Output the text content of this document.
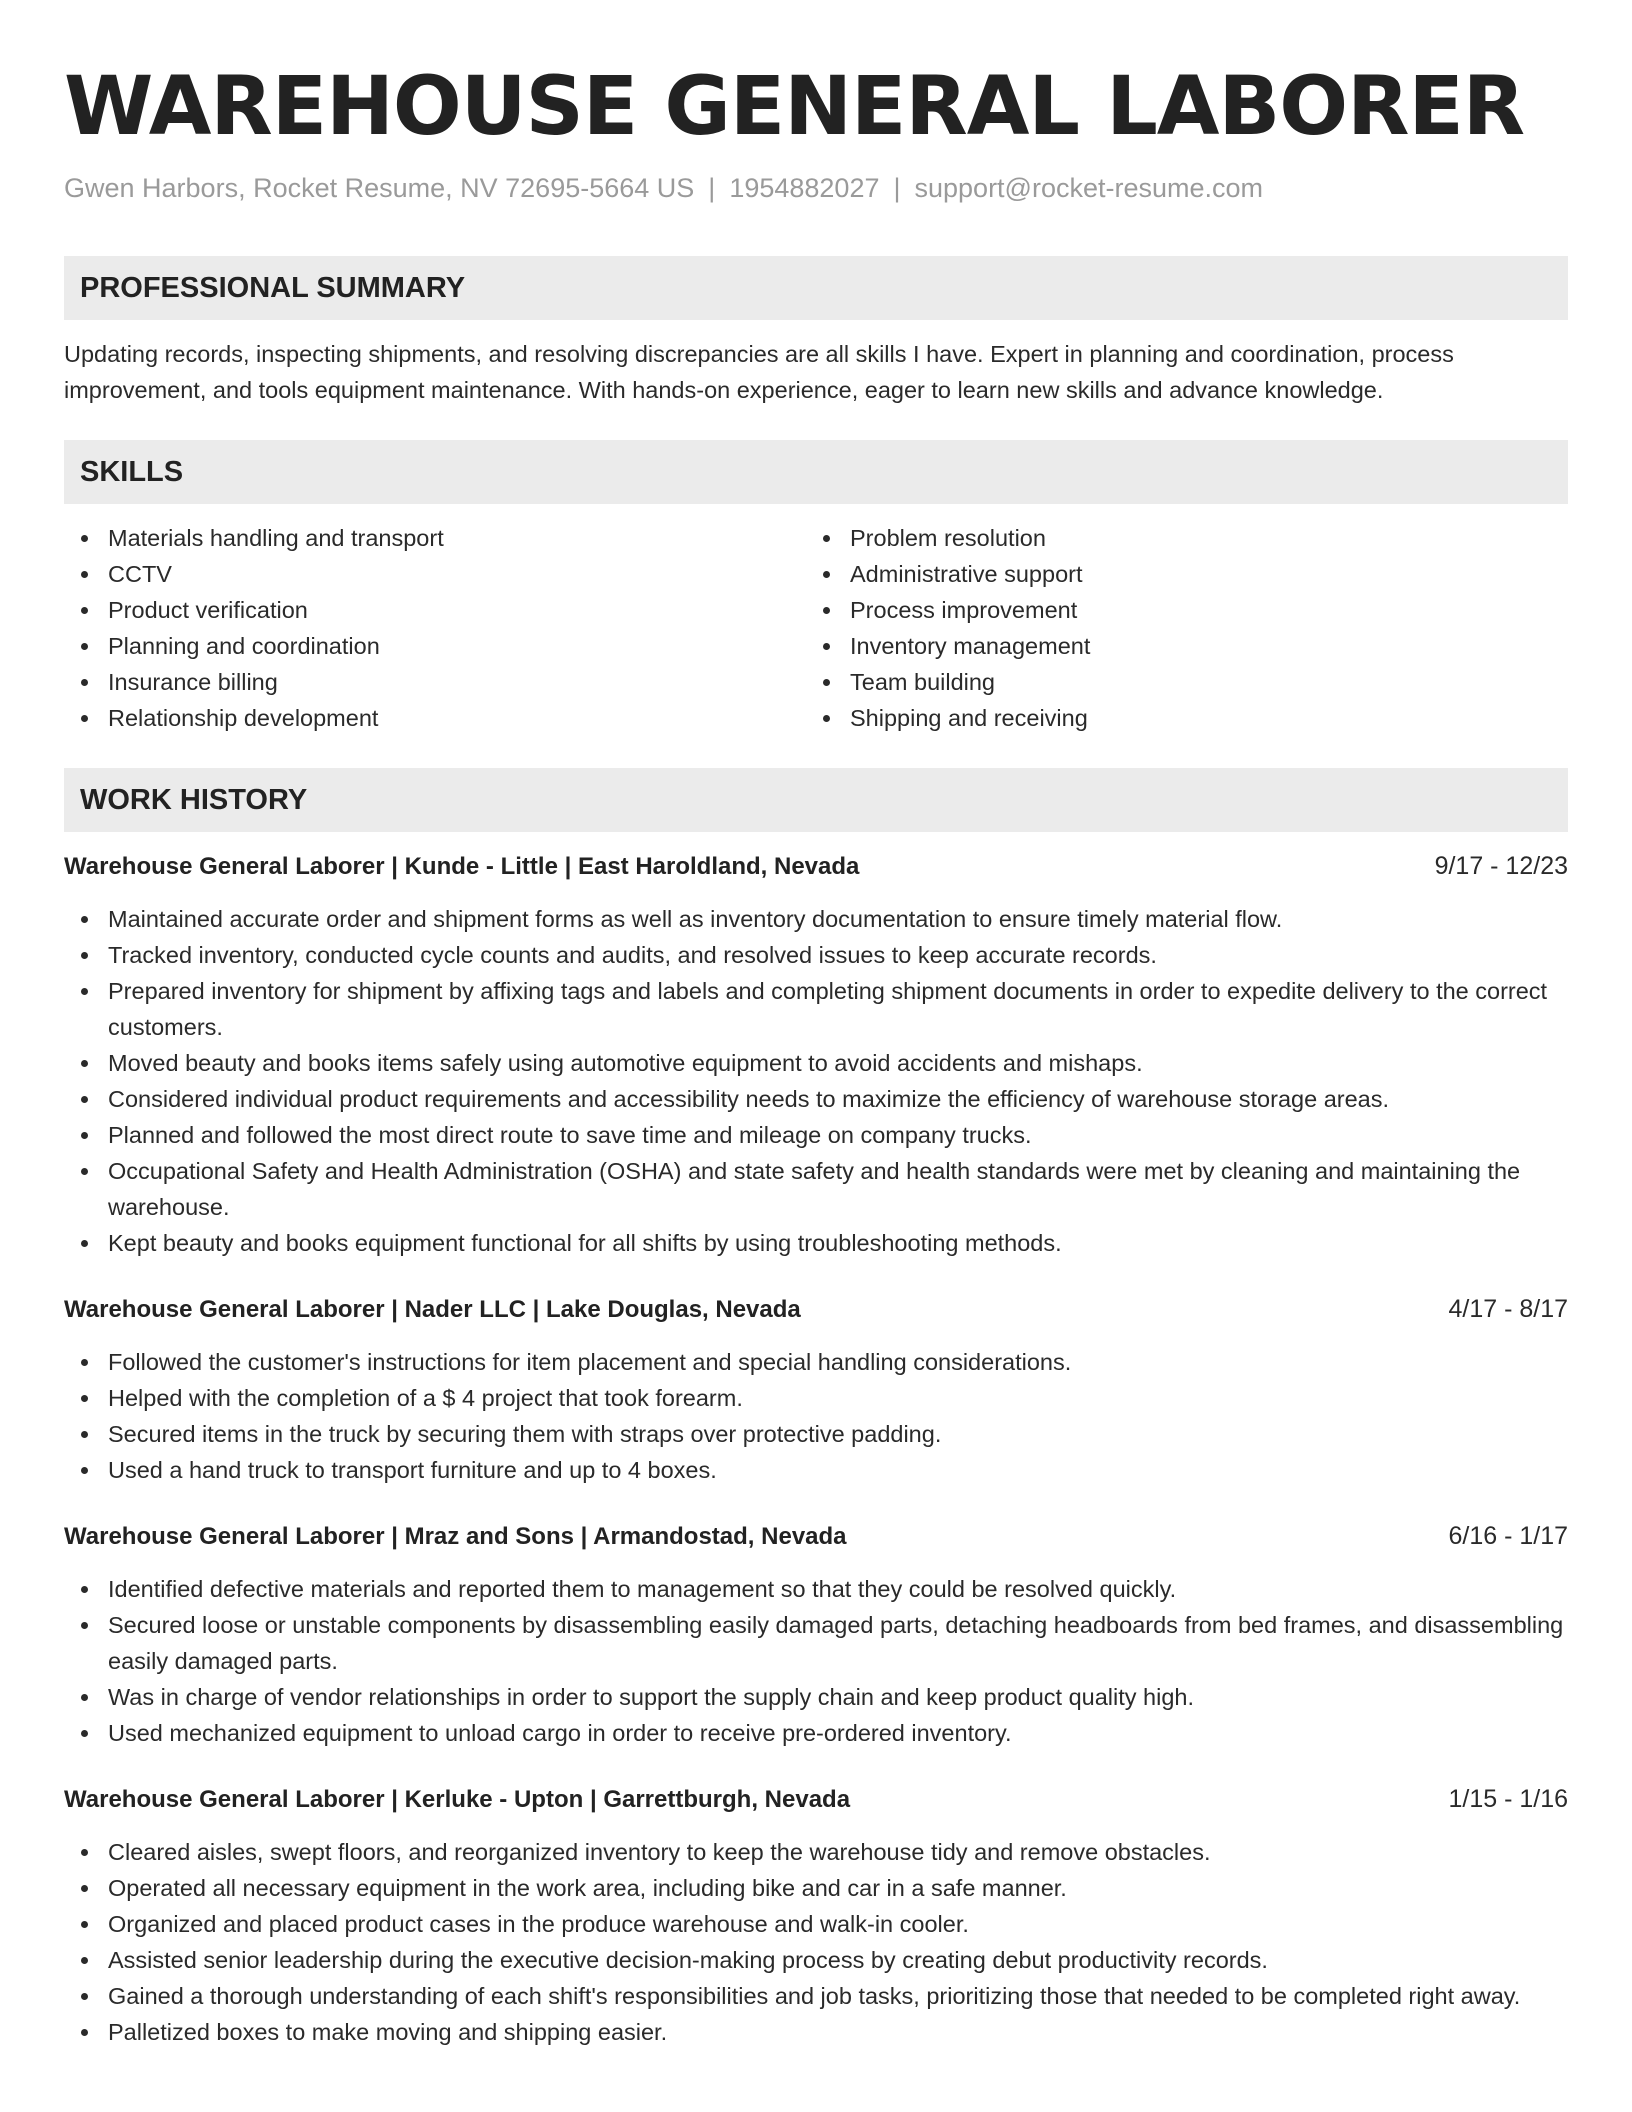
WAREHOUSE GENERAL LABORER
Gwen Harbors, Rocket Resume, NV 72695-5664 US | 1954882027 | support@rocket-resume.com
PROFESSIONAL SUMMARY

Updating records, inspecting shipments, and resolving discrepancies are all skills I have. Expert in planning and coordination, process improvement, and tools equipment maintenance. With hands-on experience, eager to learn new skills and advance knowledge.

SKILLS
Materials handling and transport
CCTV
Product verification
Planning and coordination
Insurance billing
Relationship development
Problem resolution
Administrative support
Process improvement
Inventory management
Team building
Shipping and receiving
WORK HISTORY
Warehouse General Laborer | Kunde - Little | East Haroldland, Nevada	9/17 - 12/23
Maintained accurate order and shipment forms as well as inventory documentation to ensure timely material flow.
Tracked inventory, conducted cycle counts and audits, and resolved issues to keep accurate records.
Prepared inventory for shipment by affixing tags and labels and completing shipment documents in order to expedite delivery to the correct customers.
Moved beauty and books items safely using automotive equipment to avoid accidents and mishaps.
Considered individual product requirements and accessibility needs to maximize the efficiency of warehouse storage areas.
Planned and followed the most direct route to save time and mileage on company trucks.
Occupational Safety and Health Administration (OSHA) and state safety and health standards were met by cleaning and maintaining the warehouse.
Kept beauty and books equipment functional for all shifts by using troubleshooting methods.
Warehouse General Laborer | Nader LLC | Lake Douglas, Nevada	4/17 - 8/17
Followed the customer's instructions for item placement and special handling considerations.
Helped with the completion of a $ 4 project that took forearm.
Secured items in the truck by securing them with straps over protective padding.
Used a hand truck to transport furniture and up to 4 boxes.
Warehouse General Laborer | Mraz and Sons | Armandostad, Nevada	6/16 - 1/17
Identified defective materials and reported them to management so that they could be resolved quickly.
Secured loose or unstable components by disassembling easily damaged parts, detaching headboards from bed frames, and disassembling easily damaged parts.
Was in charge of vendor relationships in order to support the supply chain and keep product quality high.
Used mechanized equipment to unload cargo in order to receive pre-ordered inventory.
Warehouse General Laborer | Kerluke - Upton | Garrettburgh, Nevada	1/15 - 1/16
Cleared aisles, swept floors, and reorganized inventory to keep the warehouse tidy and remove obstacles.
Operated all necessary equipment in the work area, including bike and car in a safe manner.
Organized and placed product cases in the produce warehouse and walk-in cooler.
Assisted senior leadership during the executive decision-making process by creating debut productivity records.
Gained a thorough understanding of each shift's responsibilities and job tasks, prioritizing those that needed to be completed right away.
Palletized boxes to make moving and shipping easier.
